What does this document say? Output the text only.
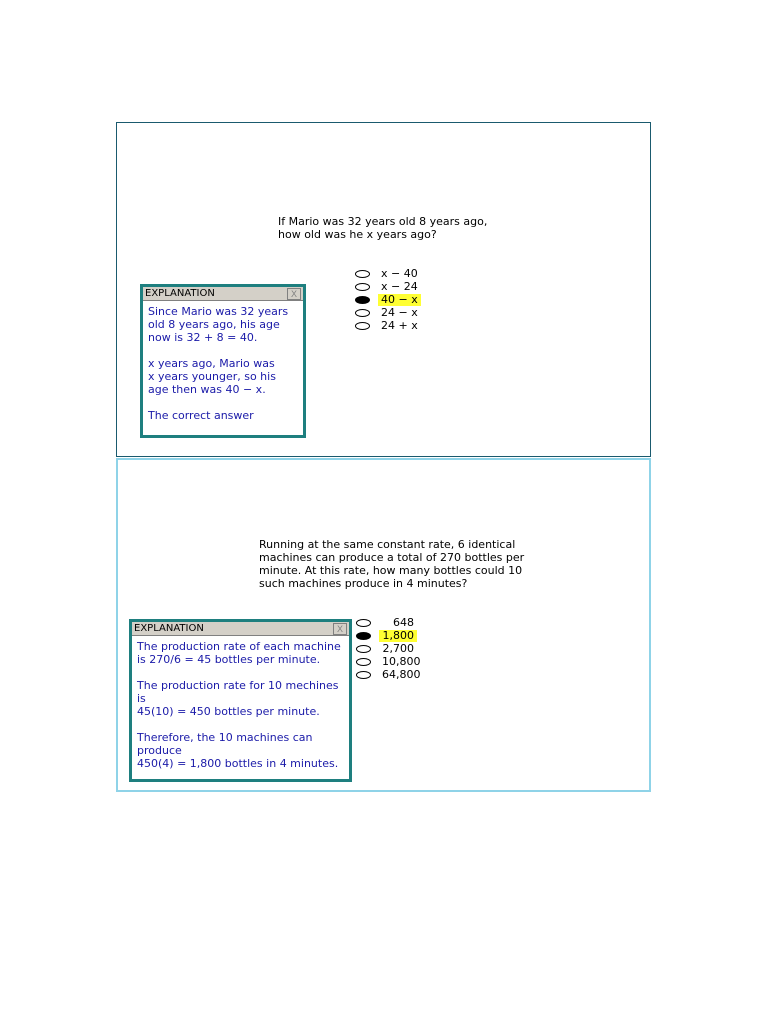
If Mario was 32 years old 8 years ago,
how old was he x years ago?
x − 40
x − 24
40 − x
24 − x
24 + x
EXPLANATION	X

Since Mario was 32 years
old 8 years ago, his age
now is 32 + 8 = 40.

x years ago, Mario was
x years younger, so his
age then was 40 − x.

The correct answer

Running at the same constant rate, 6 identical
machines can produce a total of 270 bottles per
minute. At this rate, how many bottles could 10
such machines produce in 4 minutes?
648
1,800
2,700
10,800
64,800
EXPLANATION	X

The production rate of each machine
is 270/6 = 45 bottles per minute.

The production rate for 10 mechines
is
45(10) = 450 bottles per minute.

Therefore, the 10 machines can
produce
450(4) = 1,800 bottles in 4 minutes.
